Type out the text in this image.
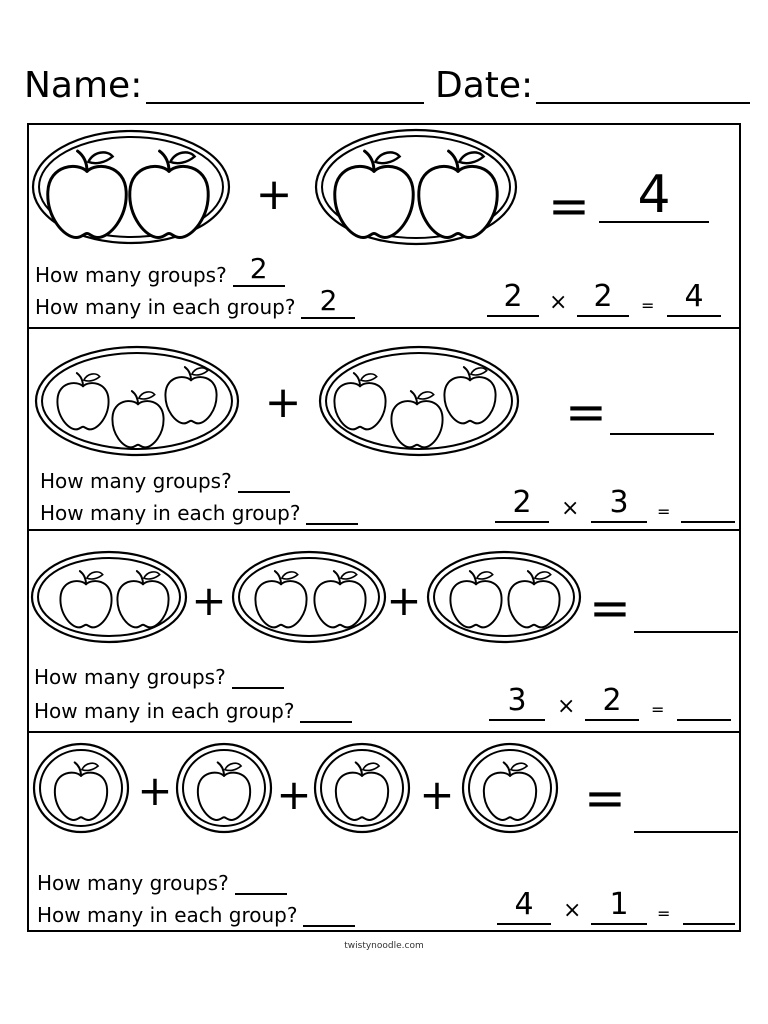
Name:	Date:
+	= 4
How many groups? 2
How many in each group? 2	2	× 2	=	4
+	=
How many groups?
How many in each group?	2	×	3	=
+	+	=
How many groups?
How many in each group?	3	× 2	=
+ +	+	=
How many groups?
How many in each group?	4	× 1	=
twistynoodle.com
